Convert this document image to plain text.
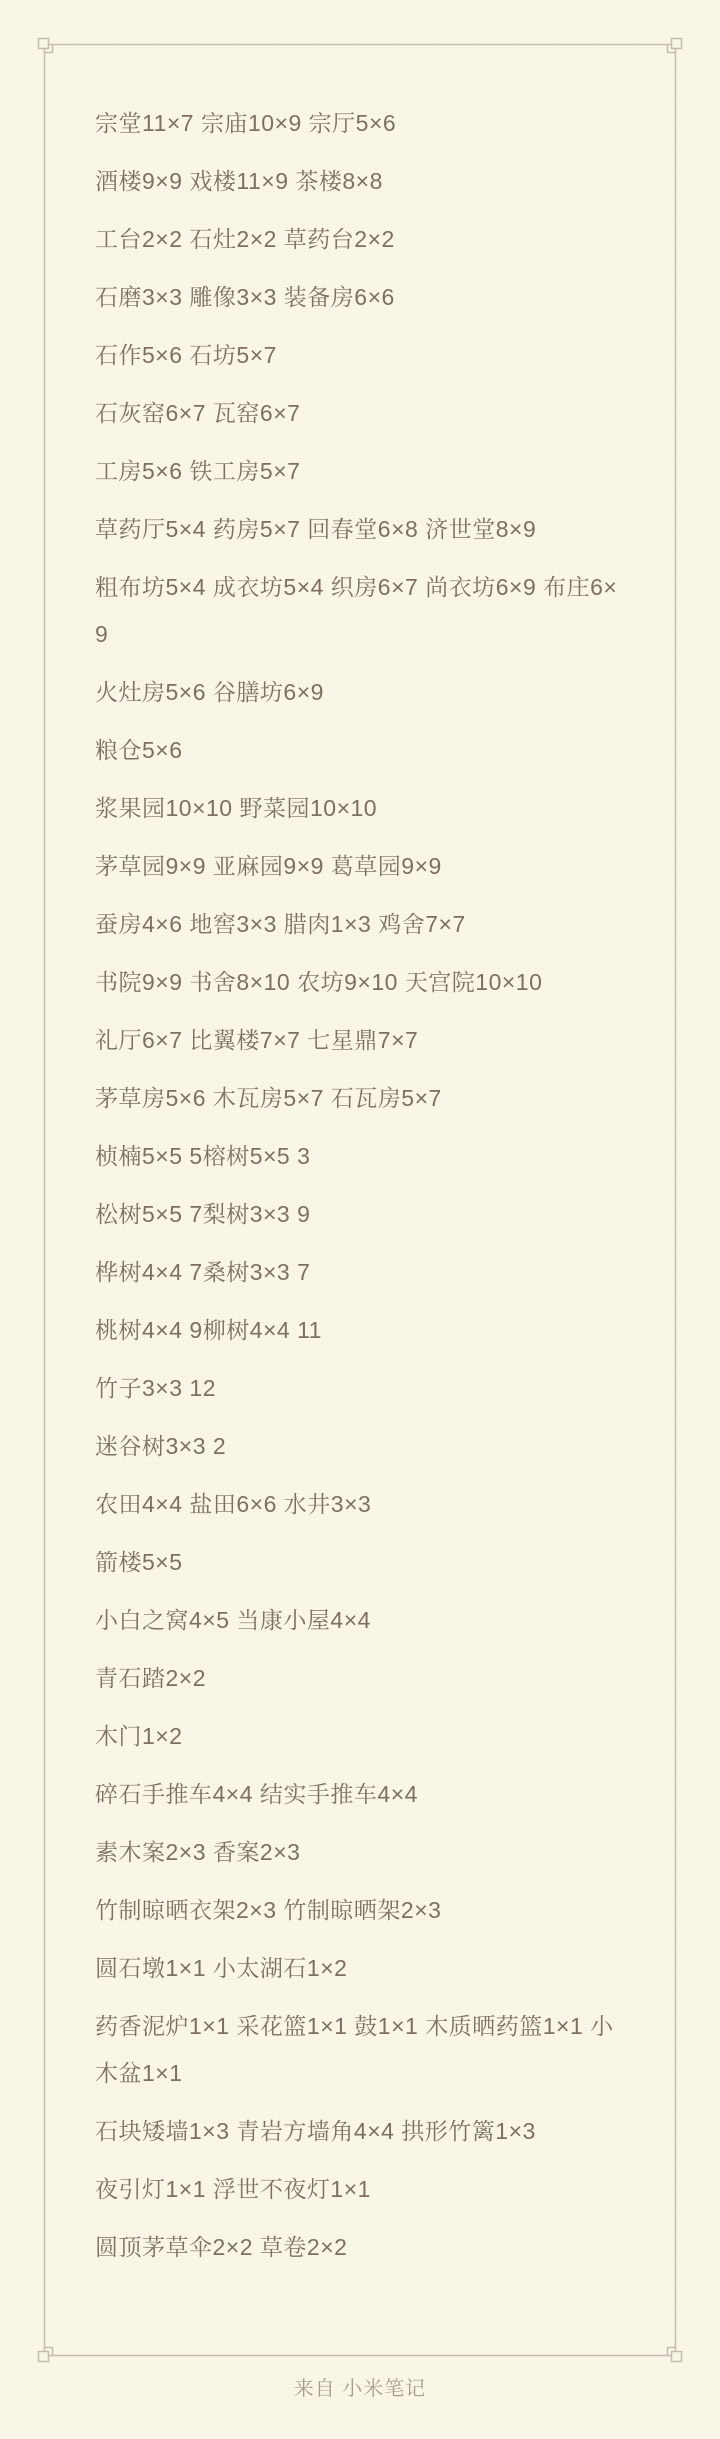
宗堂11×7 宗庙10×9 宗厅5×6

酒楼9×9 戏楼11×9 茶楼8×8

工台2×2 石灶2×2 草药台2×2

石磨3×3 雕像3×3 装备房6×6

石作5×6 石坊5×7

石灰窑6×7 瓦窑6×7

工房5×6 铁工房5×7

草药厅5×4 药房5×7 回春堂6×8 济世堂8×9

粗布坊5×4 成衣坊5×4 织房6×7 尚衣坊6×9 布庄6×9

火灶房5×6 谷膳坊6×9

粮仓5×6

浆果园10×10 野菜园10×10

茅草园9×9 亚麻园9×9 葛草园9×9

蚕房4×6 地窖3×3 腊肉1×3 鸡舍7×7

书院9×9 书舍8×10 农坊9×10 天宫院10×10

礼厅6×7 比翼楼7×7 七星鼎7×7

茅草房5×6 木瓦房5×7 石瓦房5×7

桢楠5×5 5榕树5×5 3

松树5×5 7梨树3×3 9

桦树4×4 7桑树3×3 7

桃树4×4 9柳树4×4 11

竹子3×3 12

迷谷树3×3 2

农田4×4 盐田6×6 水井3×3

箭楼5×5

小白之窝4×5 当康小屋4×4

青石踏2×2

木门1×2

碎石手推车4×4 结实手推车4×4

素木案2×3 香案2×3

竹制晾晒衣架2×3 竹制晾晒架2×3

圆石墩1×1 小太湖石1×2

药香泥炉1×1 采花篮1×1 鼓1×1 木质晒药篮1×1 小木盆1×1

石块矮墙1×3 青岩方墙角4×4 拱形竹篱1×3

夜引灯1×1 浮世不夜灯1×1

圆顶茅草伞2×2 草卷2×2

来自 小米笔记
